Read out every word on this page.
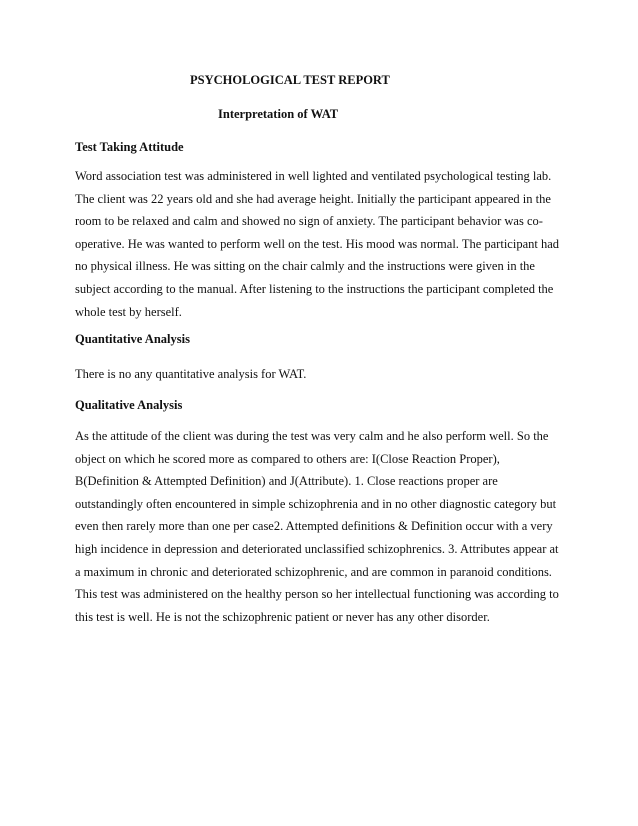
PSYCHOLOGICAL TEST REPORT
Interpretation of WAT
Test Taking Attitude
Word association test was administered in well lighted and ventilated psychological testing lab.
The client was 22 years old and she had average height. Initially the participant appeared in the
room to be relaxed and calm and showed no sign of anxiety. The participant behavior was co-
operative. He was wanted to perform well on the test. His mood was normal. The participant had
no physical illness. He was sitting on the chair calmly and the instructions were given in the
subject according to the manual. After listening to the instructions the participant completed the
whole test by herself.
Quantitative Analysis
There is no any quantitative analysis for WAT.
Qualitative Analysis
As the attitude of the client was during the test was very calm and he also perform well. So the
object on which he scored more as compared to others are: I(Close Reaction Proper),
B(Definition & Attempted Definition) and J(Attribute). 1. Close reactions proper are
outstandingly often encountered in simple schizophrenia and in no other diagnostic category but
even then rarely more than one per case2. Attempted definitions & Definition occur with a very
high incidence in depression and deteriorated unclassified schizophrenics. 3. Attributes appear at
a maximum in chronic and deteriorated schizophrenic, and are common in paranoid conditions.
This test was administered on the healthy person so her intellectual functioning was according to
this test is well. He is not the schizophrenic patient or never has any other disorder.
